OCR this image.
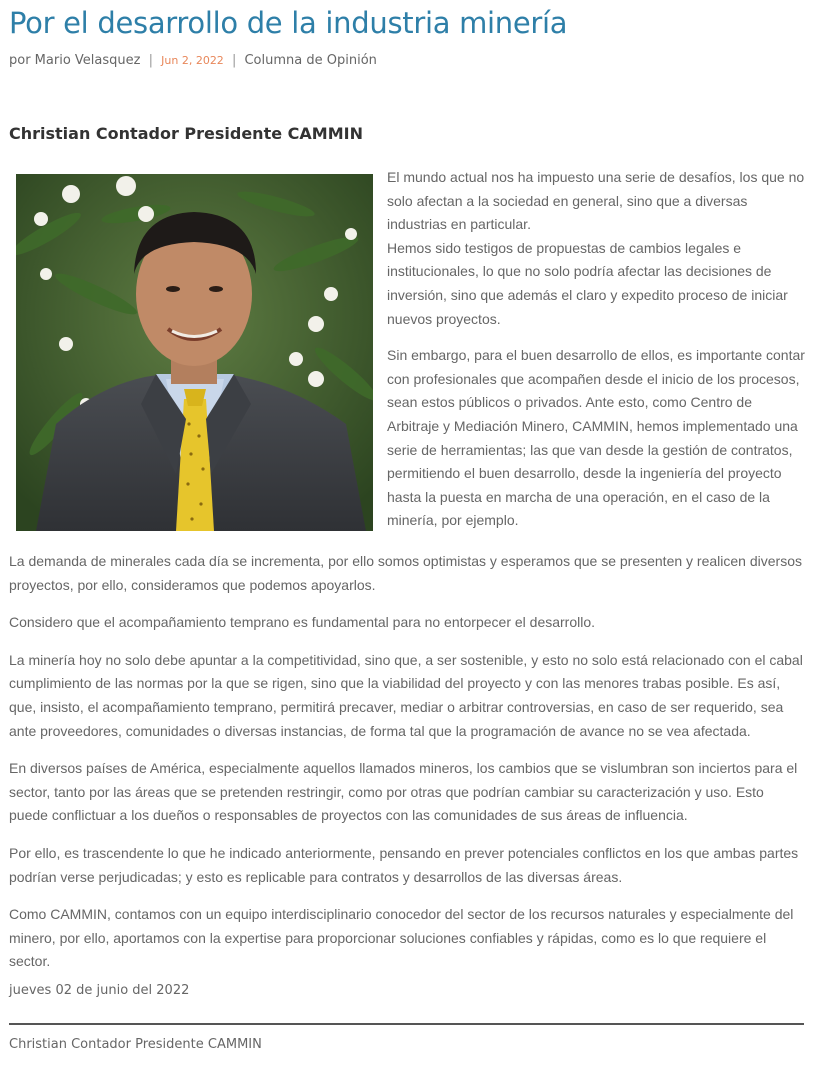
Por el desarrollo de la industria minería
por Mario Velasquez | Jun 2, 2022 | Columna de Opinión
Christian Contador Presidente CAMMIN

El mundo actual nos ha impuesto una serie de desafíos, los que no solo afectan a la sociedad en general, sino que a diversas industrias en particular.
Hemos sido testigos de propuestas de cambios legales e institucionales, lo que no solo podría afectar las decisiones de inversión, sino que además el claro y expedito proceso de iniciar nuevos proyectos.

Sin embargo, para el buen desarrollo de ellos, es importante contar con profesionales que acompañen desde el inicio de los procesos, sean estos públicos o privados. Ante esto, como Centro de Arbitraje y Mediación Minero, CAMMIN, hemos implementado una serie de herramientas; las que van desde la gestión de contratos, permitiendo el buen desarrollo, desde la ingeniería del proyecto hasta la puesta en marcha de una operación, en el caso de la minería, por ejemplo.

La demanda de minerales cada día se incrementa, por ello somos optimistas y esperamos que se presenten y realicen diversos proyectos, por ello, consideramos que podemos apoyarlos.

Considero que el acompañamiento temprano es fundamental para no entorpecer el desarrollo.

La minería hoy no solo debe apuntar a la competitividad, sino que, a ser sostenible, y esto no solo está relacionado con el cabal cumplimiento de las normas por la que se rigen, sino que la viabilidad del proyecto y con las menores trabas posible. Es así, que, insisto, el acompañamiento temprano, permitirá precaver, mediar o arbitrar controversias, en caso de ser requerido, sea ante proveedores, comunidades o diversas instancias, de forma tal que la programación de avance no se vea afectada.

En diversos países de América, especialmente aquellos llamados mineros, los cambios que se vislumbran son inciertos para el sector, tanto por las áreas que se pretenden restringir, como por otras que podrían cambiar su caracterización y uso. Esto puede conflictuar a los dueños o responsables de proyectos con las comunidades de sus áreas de influencia.

Por ello, es trascendente lo que he indicado anteriormente, pensando en prever potenciales conflictos en los que ambas partes podrían verse perjudicadas; y esto es replicable para contratos y desarrollos de las diversas áreas.

Como CAMMIN, contamos con un equipo interdisciplinario conocedor del sector de los recursos naturales y especialmente del minero, por ello, aportamos con la expertise para proporcionar soluciones confiables y rápidas, como es lo que requiere el sector.

jueves 02 de junio del 2022
Christian Contador Presidente CAMMIN
